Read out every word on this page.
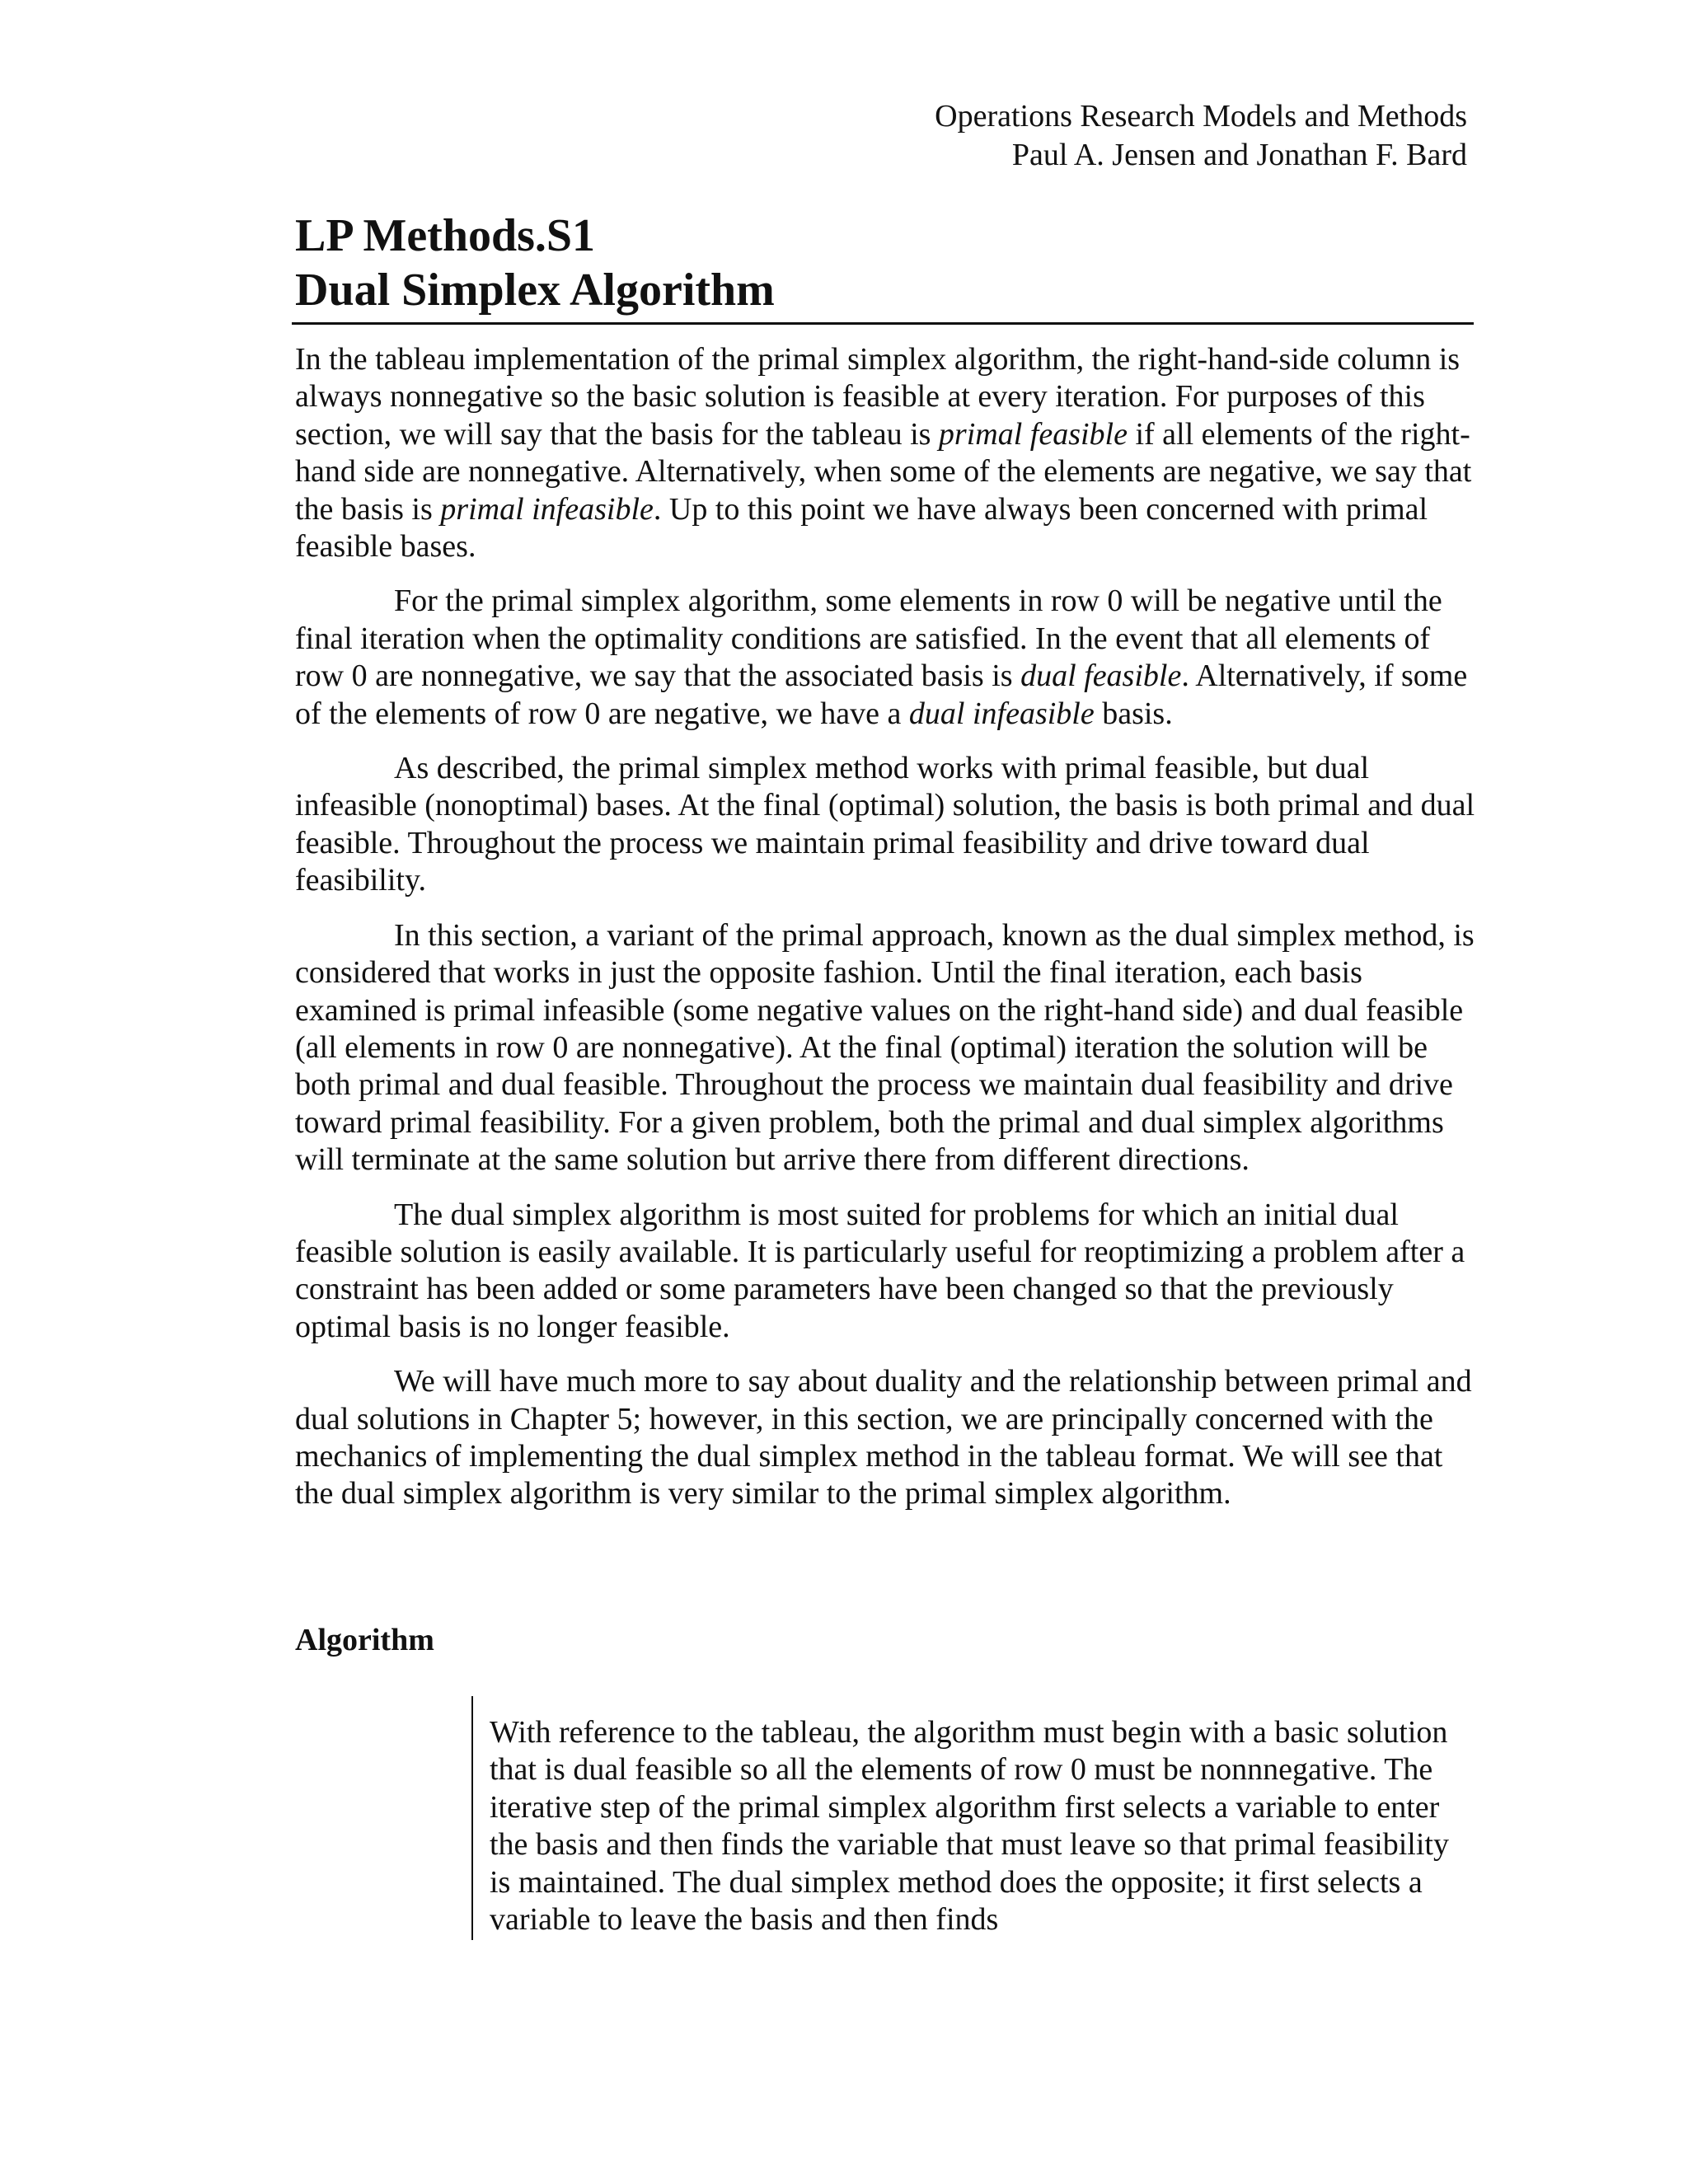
Operations Research Models and Methods
Paul A. Jensen and Jonathan F. Bard
LP Methods.S1
Dual Simplex Algorithm

In the tableau implementation of the primal simplex algorithm, the right-hand-side column is always nonnegative so the basic solution is feasible at every iteration. For purposes of this section, we will say that the basis for the tableau is primal feasible if all elements of the right-hand side are nonnegative. Alternatively, when some of the elements are negative, we say that the basis is primal infeasible. Up to this point we have always been concerned with primal feasible bases.

For the primal simplex algorithm, some elements in row 0 will be negative until the final iteration when the optimality conditions are satisfied. In the event that all elements of row 0 are nonnegative, we say that the associated basis is dual feasible. Alternatively, if some of the elements of row 0 are negative, we have a dual infeasible basis.

As described, the primal simplex method works with primal feasible, but dual infeasible (nonoptimal) bases. At the final (optimal) solution, the basis is both primal and dual feasible. Throughout the process we maintain primal feasibility and drive toward dual feasibility.

In this section, a variant of the primal approach, known as the dual simplex method, is considered that works in just the opposite fashion. Until the final iteration, each basis examined is primal infeasible (some negative values on the right-hand side) and dual feasible (all elements in row 0 are nonnegative). At the final (optimal) iteration the solution will be both primal and dual feasible. Throughout the process we maintain dual feasibility and drive toward primal feasibility. For a given problem, both the primal and dual simplex algorithms will terminate at the same solution but arrive there from different directions.

The dual simplex algorithm is most suited for problems for which an initial dual feasible solution is easily available. It is particularly useful for reoptimizing a problem after a constraint has been added or some parameters have been changed so that the previously optimal basis is no longer feasible.

We will have much more to say about duality and the relationship between primal and dual solutions in Chapter 5; however, in this section, we are principally concerned with the mechanics of implementing the dual simplex method in the tableau format. We will see that the dual simplex algorithm is very similar to the primal simplex algorithm.

Algorithm
With reference to the tableau, the algorithm must begin with a basic solution that is dual feasible so all the elements of row 0 must be nonnnegative. The iterative step of the primal simplex algorithm first selects a variable to enter the basis and then finds the variable that must leave so that primal feasibility is maintained. The dual simplex method does the opposite; it first selects a variable to leave the basis and then finds
